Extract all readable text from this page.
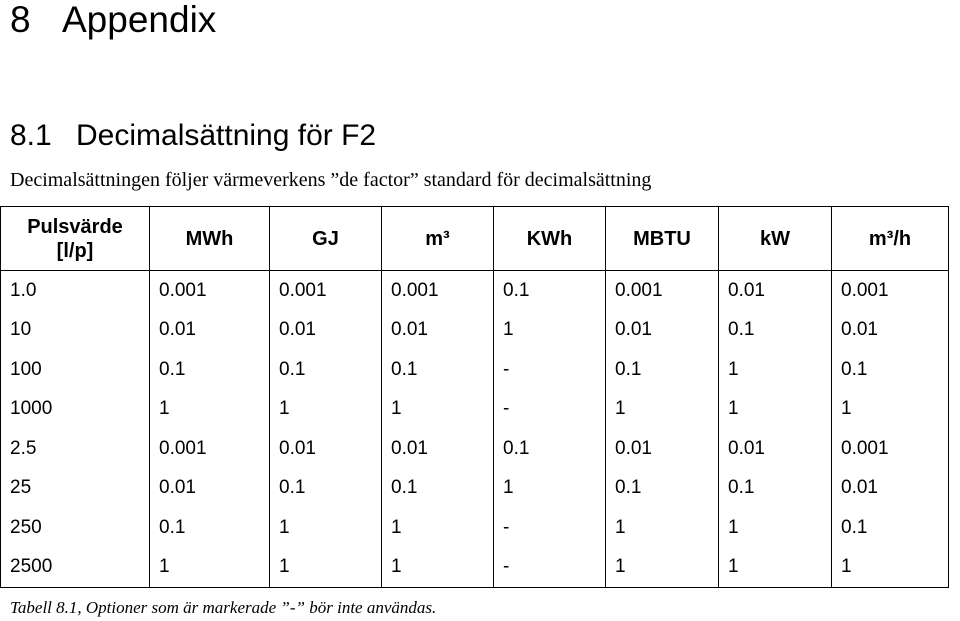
8 Appendix
8.1 Decimalsättning för F2
Decimalsättningen följer värmeverkens ”de factor” standard för decimalsättning
Pulsvärde
[l/p]	MWh	GJ	m³	KWh	MBTU	kW	m³/h
1.0	0.001	0.001	0.001	0.1	0.001	0.01	0.001
10	0.01	0.01	0.01	1	0.01	0.1	0.01
100	0.1	0.1	0.1	-	0.1	1	0.1
1000	1	1	1	-	1	1	1
2.5	0.001	0.01	0.01	0.1	0.01	0.01	0.001
25	0.01	0.1	0.1	1	0.1	0.1	0.01
250	0.1	1	1	-	1	1	0.1
2500	1	1	1	-	1	1	1
Tabell 8.1, Optioner som är markerade ”-” bör inte användas.
